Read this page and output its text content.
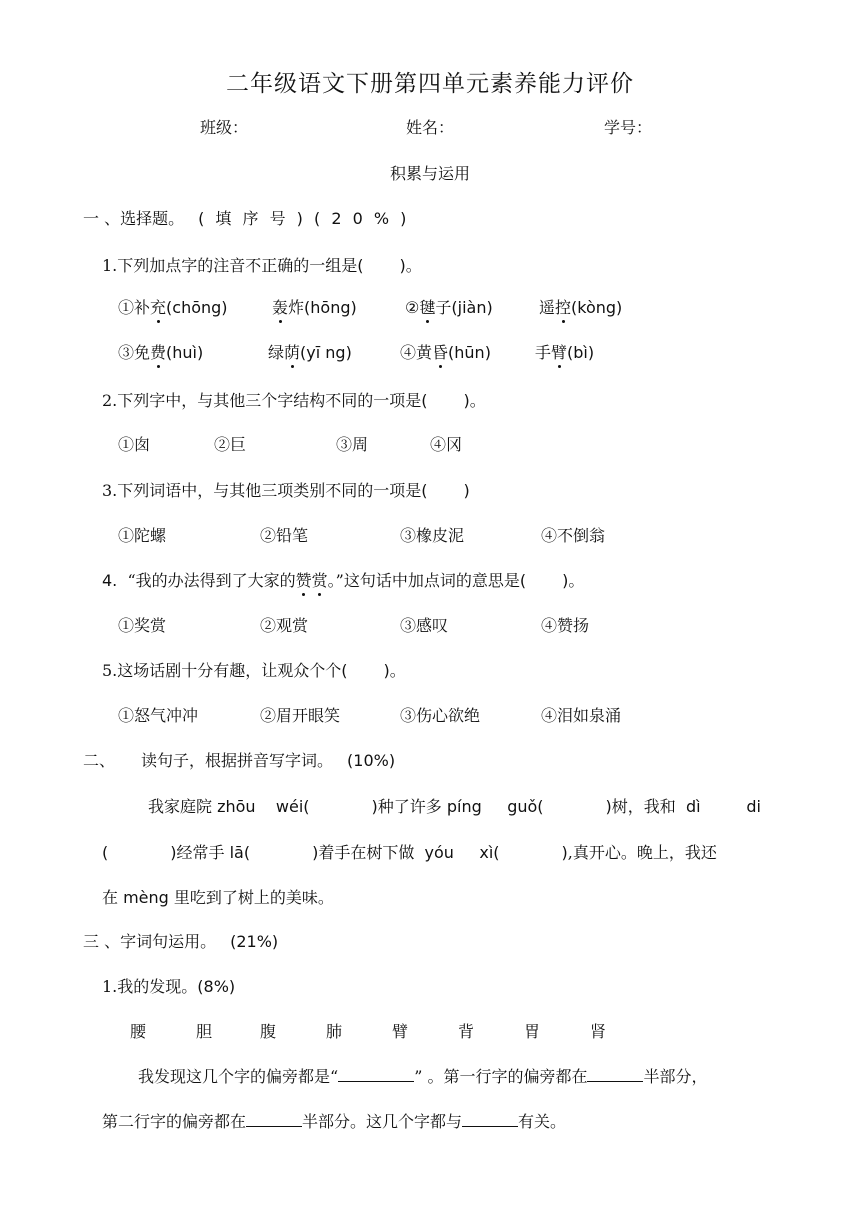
二年级语文下册第四单元素养能力评价
班级：	姓名：	学号：
积累与运用
一 、选择题。 ( 填 序 号 ) ( 2 0 % )
1.下列加点字的注音不正确的一组是( )。
①补充(chōng)	轰炸(hōng)	②毽子(jiàn)	遥控(kòng)
③免费(huì)	绿荫(yī ng)	④黄昏(hūn)	手臂(bì)
2.下列字中，与其他三个字结构不同的一项是( )。
①囱	②巨	③周	④冈
3.下列词语中，与其他三项类别不同的一项是( )
①陀螺	②铅笔	③橡皮泥	④不倒翁
4.  “我的办法得到了大家的赞赏。”这句话中加点词的意思是( )。
①奖赏	②观赏	③感叹	④赞扬
5.这场话剧十分有趣，让观众个个( )。
①怒气冲冲	②眉开眼笑	③伤心欲绝	④泪如泉涌
二、 读句子，根据拼音写字词。 (10%)
我家庭院 zhōu    wéi(	)种了许多 píng     guǒ(	)树，我和  dì         di
(	)经常手 lā(	)着手在树下做  yóu     xì(	),真开心。晚上，我还
在 mèng 里吃到了树上的美味。
三 、字词句运用。 (21%)
1.我的发现。(8%)
腰	胆	腹	肺	臂	背	胃	肾
我发现这几个字的偏旁都是“	” 。第一行字的偏旁都在	半部分，
第二行字的偏旁都在	半部分。这几个字都与	有关。
